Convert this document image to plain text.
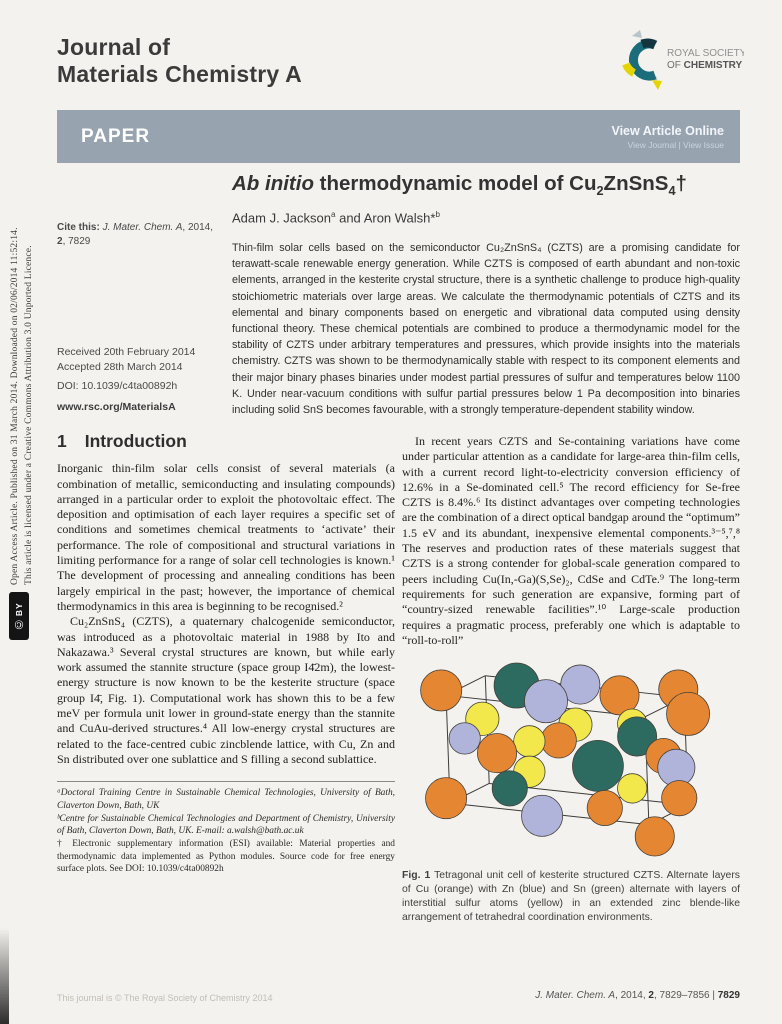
Open Access Article. Published on 31 March 2014. Downloaded on 02/06/2014 11:52:14. This article is licensed under a Creative Commons Attribution 3.0 Unported Licence.
Ⓒ BY
Journal of
Materials Chemistry A
ROYAL SOCIETY
OF CHEMISTRY
PAPER	View Article Online
View Journal | View Issue
Ab initio thermodynamic model of $Cu_2ZnSnS_4\dagger$
Adam J. Jackson$^a$ and Aron Walsh*$^b$
Cite this: J. Mater. Chem. A, 2014, 2, 7829
Received 20th February 2014
Accepted 28th March 2014
DOI: 10.1039/c4ta00892h
www.rsc.org/MaterialsA
Thin-film solar cells based on the semiconductor Cu₂ZnSnS₄ (CZTS) are a promising candidate for terawatt-scale renewable energy generation. While CZTS is composed of earth abundant and non-toxic elements, arranged in the kesterite crystal structure, there is a synthetic challenge to produce high-quality stoichiometric materials over large areas. We calculate the thermodynamic potentials of CZTS and its elemental and binary components based on energetic and vibrational data computed using density functional theory. These chemical potentials are combined to produce a thermodynamic model for the stability of CZTS under arbitrary temperatures and pressures, which provide insights into the materials chemistry. CZTS was shown to be thermodynamically stable with respect to its component elements and their major binary phases binaries under modest partial pressures of sulfur and temperatures below 1100 K. Under near-vacuum conditions with sulfur partial pressures below 1 Pa decomposition into binaries including solid SnS becomes favourable, with a strongly temperature-dependent stability window.
1 Introduction

Inorganic thin-film solar cells consist of several materials (a combination of metallic, semiconducting and insulating compounds) arranged in a particular order to exploit the photovoltaic effect. The deposition and optimisation of each layer requires a specific set of conditions and sometimes chemical treatments to ‘activate’ their performance. The role of compositional and structural variations in limiting performance for a range of solar cell technologies is known.¹ The development of processing and annealing conditions has been largely empirical in the past; however, the importance of chemical thermodynamics in this area is beginning to be recognised.²

Cu₂ZnSnS₄ (CZTS), a quaternary chalcogenide semiconductor, was introduced as a photovoltaic material in 1988 by Ito and Nakazawa.³ Several crystal structures are known, but while early work assumed the stannite structure (space group I4̄2m), the lowest-energy structure is now known to be the kesterite structure (space group I4̄, Fig. 1). Computational work has shown this to be a few meV per formula unit lower in ground-state energy than the stannite and CuAu-derived structures.⁴ All low-energy crystal structures are related to the face-centred cubic zincblende lattice, with Cu, Zn and Sn distributed over one sublattice and S filling a second sublattice.

ᵃDoctoral Training Centre in Sustainable Chemical Technologies, University of Bath, Claverton Down, Bath, UK

ᵇCentre for Sustainable Chemical Technologies and Department of Chemistry, University of Bath, Claverton Down, Bath, UK. E-mail: a.walsh@bath.ac.uk

† Electronic supplementary information (ESI) available: Material properties and thermodynamic data implemented as Python modules. Source code for free energy surface plots. See DOI: 10.1039/c4ta00892h

In recent years CZTS and Se-containing variations have come under particular attention as a candidate for large-area thin-film cells, with a current record light-to-electricity conversion efficiency of 12.6% in a Se-dominated cell.⁵ The record efficiency for Se-free CZTS is 8.4%.⁶ Its distinct advantages over competing technologies are the combination of a direct optical bandgap around the “optimum” 1.5 eV and its abundant, inexpensive elemental components.³⁻⁵,⁷,⁸ The reserves and production rates of these materials suggest that CZTS is a strong contender for global-scale generation compared to peers including Cu(In,-Ga)(S,Se)₂, CdSe and CdTe.⁹ The long-term requirements for such generation are expansive, forming part of “country-sized renewable facilities”.¹⁰ Large-scale production requires a pragmatic process, preferably one which is adaptable to “roll-to-roll”

Fig. 1 Tetragonal unit cell of kesterite structured CZTS. Alternate layers of Cu (orange) with Zn (blue) and Sn (green) alternate with layers of interstitial sulfur atoms (yellow) in an extended zinc blende-like arrangement of tetrahedral coordination environments.
This journal is © The Royal Society of Chemistry 2014	J. Mater. Chem. A, 2014, 2, 7829–7856 | 7829
